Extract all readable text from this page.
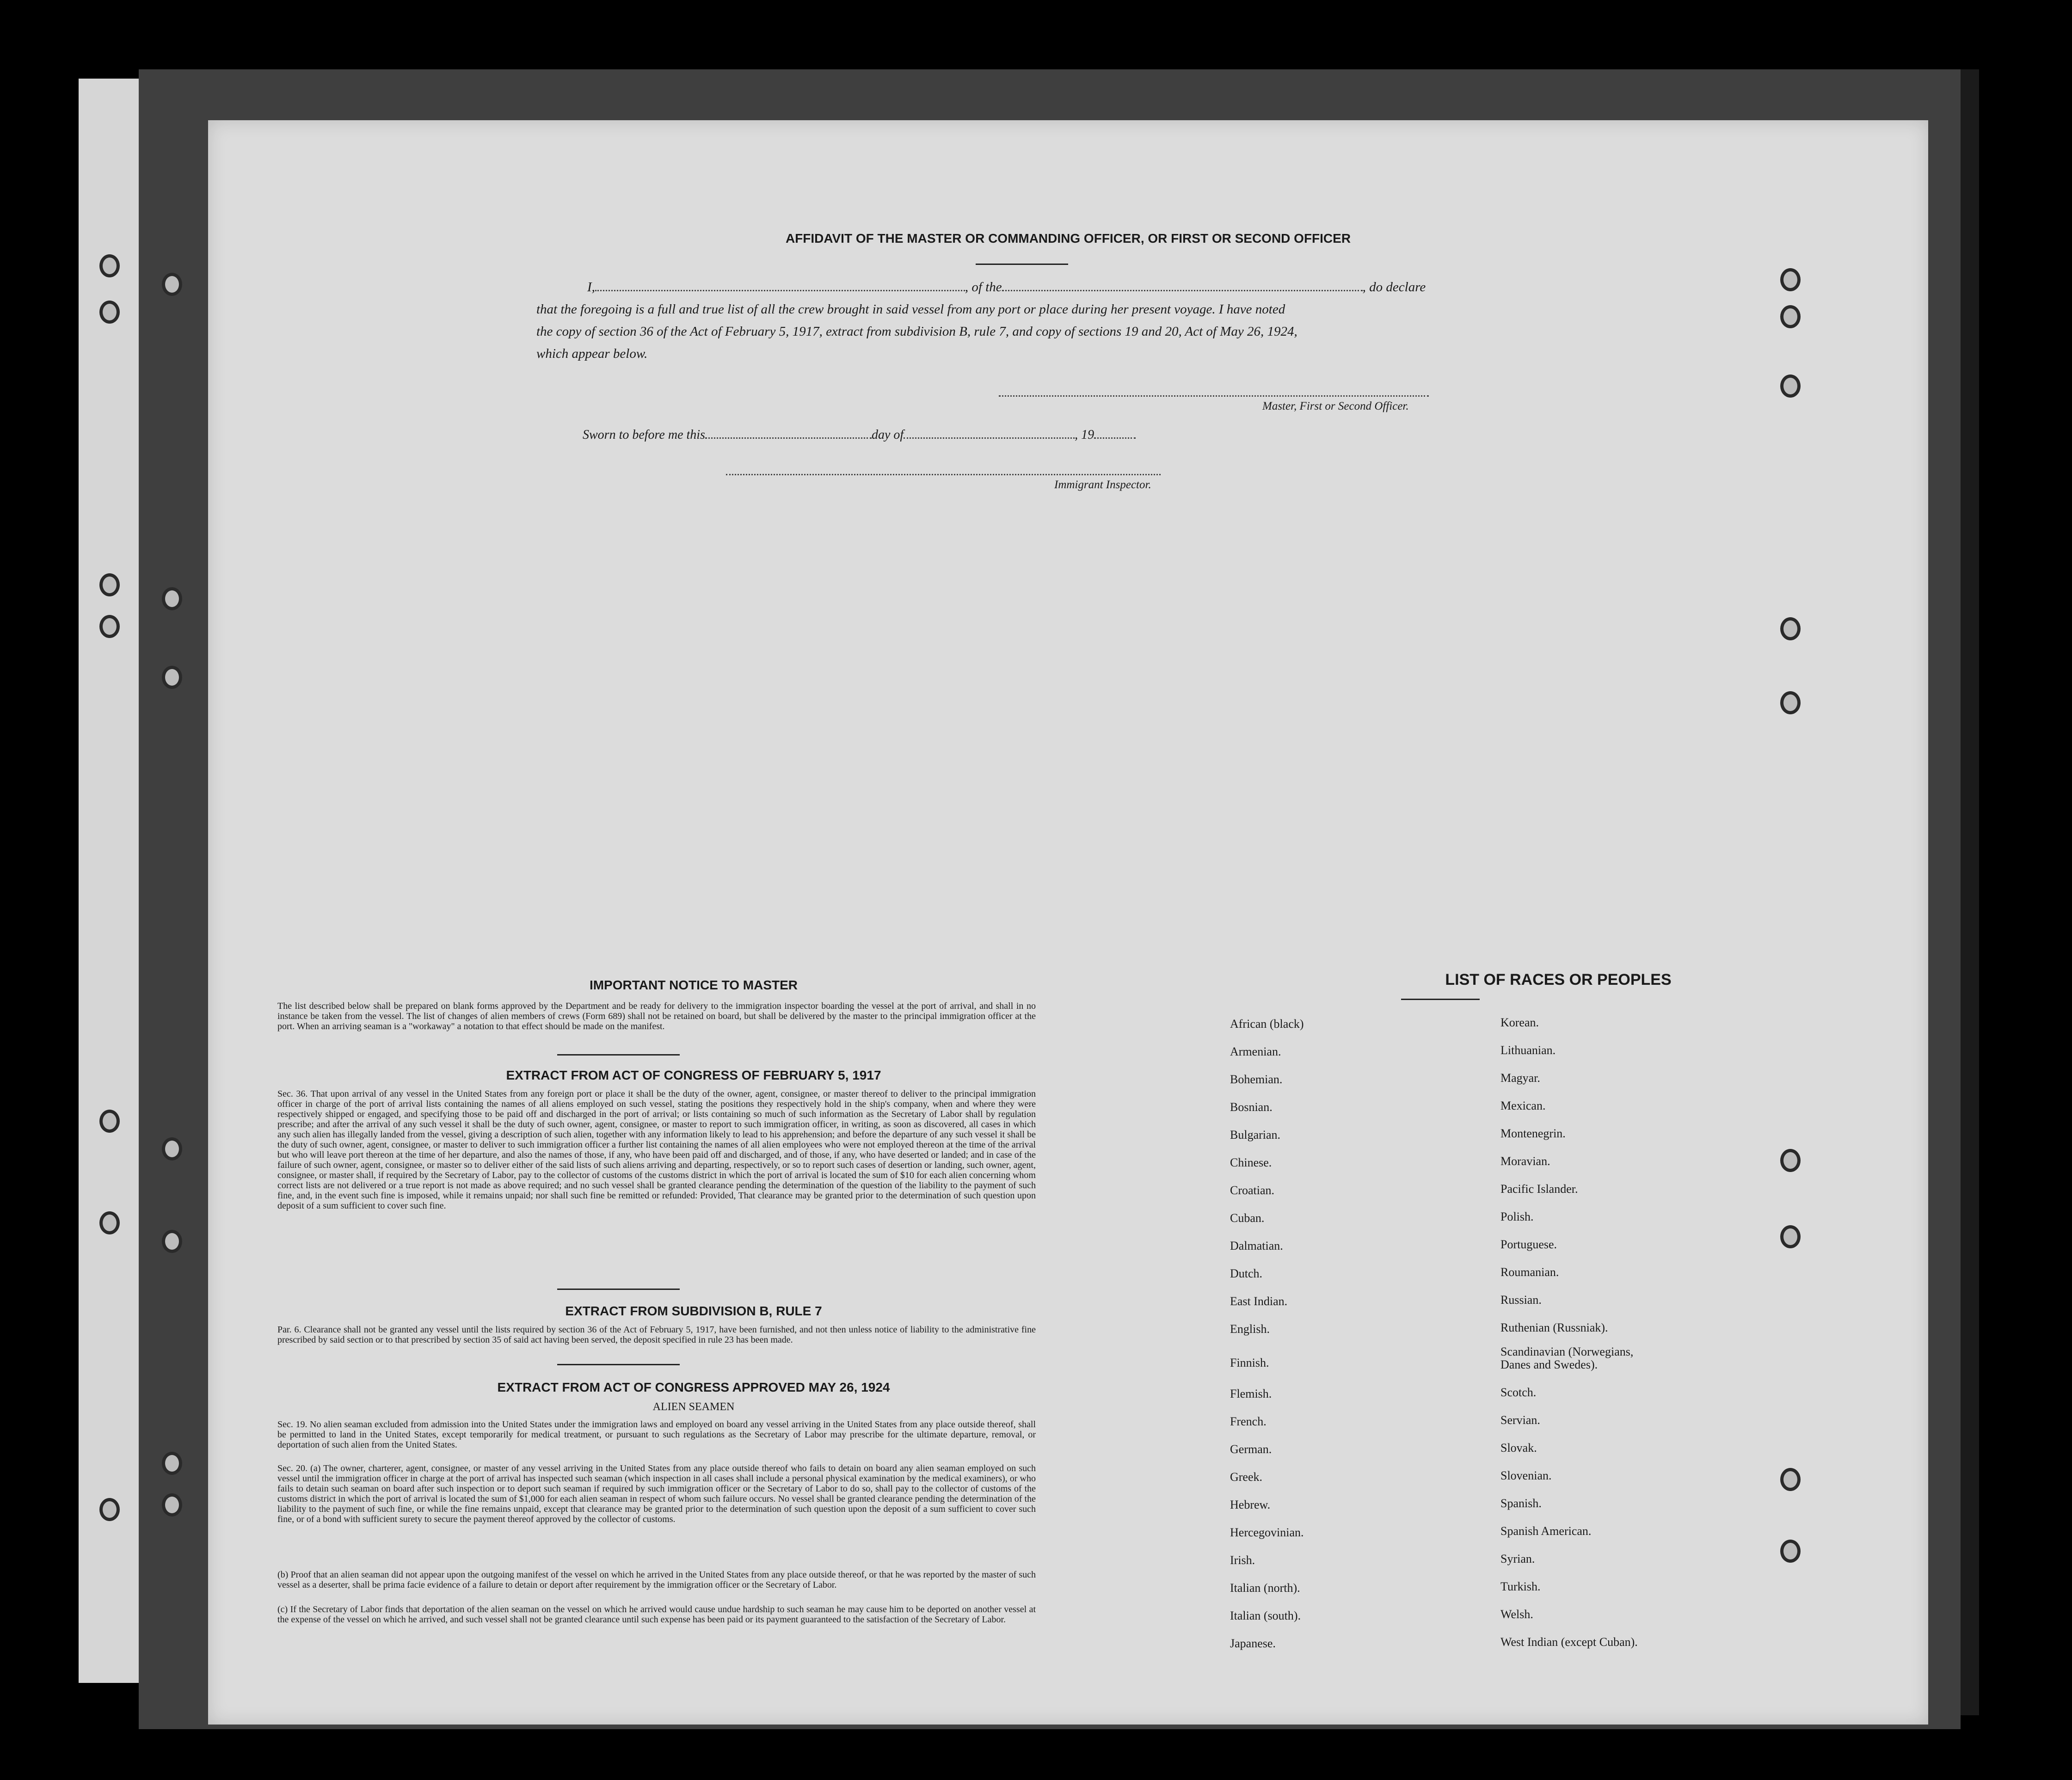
AFFIDAVIT OF THE MASTER OR COMMANDING OFFICER, OR FIRST OR SECOND OFFICER
I,	, of the	, do declare
that the foregoing is a full and true list of all the crew brought in said vessel from any port or place during her present voyage. I have noted
the copy of section 36 of the Act of February 5, 1917, extract from subdivision B, rule 7, and copy of sections 19 and 20, Act of May 26, 1924,
which appear below.
Master, First or Second Officer.
Sworn to before me this	day of	, 19
Immigrant Inspector.
IMPORTANT NOTICE TO MASTER
The list described below shall be prepared on blank forms approved by the Department and be ready for delivery to the immigration inspector boarding the vessel at the port of arrival, and shall in no instance be taken from the vessel. The list of changes of alien members of crews (Form 689) shall not be retained on board, but shall be delivered by the master to the principal immigration officer at the port. When an arriving seaman is a "workaway" a notation to that effect should be made on the manifest.
EXTRACT FROM ACT OF CONGRESS OF FEBRUARY 5, 1917
Sec. 36. That upon arrival of any vessel in the United States from any foreign port or place it shall be the duty of the owner, agent, consignee, or master thereof to deliver to the principal immigration officer in charge of the port of arrival lists containing the names of all aliens employed on such vessel, stating the positions they respectively hold in the ship's company, when and where they were respectively shipped or engaged, and specifying those to be paid off and discharged in the port of arrival; or lists containing so much of such information as the Secretary of Labor shall by regulation prescribe; and after the arrival of any such vessel it shall be the duty of such owner, agent, consignee, or master to report to such immigration officer, in writing, as soon as discovered, all cases in which any such alien has illegally landed from the vessel, giving a description of such alien, together with any information likely to lead to his apprehension; and before the departure of any such vessel it shall be the duty of such owner, agent, consignee, or master to deliver to such immigration officer a further list containing the names of all alien employees who were not employed thereon at the time of the arrival but who will leave port thereon at the time of her departure, and also the names of those, if any, who have been paid off and discharged, and of those, if any, who have deserted or landed; and in case of the failure of such owner, agent, consignee, or master so to deliver either of the said lists of such aliens arriving and departing, respectively, or so to report such cases of desertion or landing, such owner, agent, consignee, or master shall, if required by the Secretary of Labor, pay to the collector of customs of the customs district in which the port of arrival is located the sum of $10 for each alien concerning whom correct lists are not delivered or a true report is not made as above required; and no such vessel shall be granted clearance pending the determination of the question of the liability to the payment of such fine, and, in the event such fine is imposed, while it remains unpaid; nor shall such fine be remitted or refunded: Provided, That clearance may be granted prior to the determination of such question upon deposit of a sum sufficient to cover such fine.
EXTRACT FROM SUBDIVISION B, RULE 7
Par. 6. Clearance shall not be granted any vessel until the lists required by section 36 of the Act of February 5, 1917, have been furnished, and not then unless notice of liability to the administrative fine prescribed by said section or to that prescribed by section 35 of said act having been served, the deposit specified in rule 23 has been made.
EXTRACT FROM ACT OF CONGRESS APPROVED MAY 26, 1924
ALIEN SEAMEN
Sec. 19. No alien seaman excluded from admission into the United States under the immigration laws and employed on board any vessel arriving in the United States from any place outside thereof, shall be permitted to land in the United States, except temporarily for medical treatment, or pursuant to such regulations as the Secretary of Labor may prescribe for the ultimate departure, removal, or deportation of such alien from the United States.
Sec. 20. (a) The owner, charterer, agent, consignee, or master of any vessel arriving in the United States from any place outside thereof who fails to detain on board any alien seaman employed on such vessel until the immigration officer in charge at the port of arrival has inspected such seaman (which inspection in all cases shall include a personal physical examination by the medical examiners), or who fails to detain such seaman on board after such inspection or to deport such seaman if required by such immigration officer or the Secretary of Labor to do so, shall pay to the collector of customs of the customs district in which the port of arrival is located the sum of $1,000 for each alien seaman in respect of whom such failure occurs. No vessel shall be granted clearance pending the determination of the liability to the payment of such fine, or while the fine remains unpaid, except that clearance may be granted prior to the determination of such question upon the deposit of a sum sufficient to cover such fine, or of a bond with sufficient surety to secure the payment thereof approved by the collector of customs.
(b) Proof that an alien seaman did not appear upon the outgoing manifest of the vessel on which he arrived in the United States from any place outside thereof, or that he was reported by the master of such vessel as a deserter, shall be prima facie evidence of a failure to detain or deport after requirement by the immigration officer or the Secretary of Labor.
(c) If the Secretary of Labor finds that deportation of the alien seaman on the vessel on which he arrived would cause undue hardship to such seaman he may cause him to be deported on another vessel at the expense of the vessel on which he arrived, and such vessel shall not be granted clearance until such expense has been paid or its payment guaranteed to the satisfaction of the Secretary of Labor.
LIST OF RACES OR PEOPLES
African (black)
Armenian.
Bohemian.
Bosnian.
Bulgarian.
Chinese.
Croatian.
Cuban.
Dalmatian.
Dutch.
East Indian.
English.
Finnish.
Flemish.
French.
German.
Greek.
Hebrew.
Hercegovinian.
Irish.
Italian (north).
Italian (south).
Japanese.
Korean.
Lithuanian.
Magyar.
Mexican.
Montenegrin.
Moravian.
Pacific Islander.
Polish.
Portuguese.
Roumanian.
Russian.
Ruthenian (Russniak).
Scandinavian (Norwegians, Danes and Swedes).
Scotch.
Servian.
Slovak.
Slovenian.
Spanish.
Spanish American.
Syrian.
Turkish.
Welsh.
West Indian (except Cuban).
